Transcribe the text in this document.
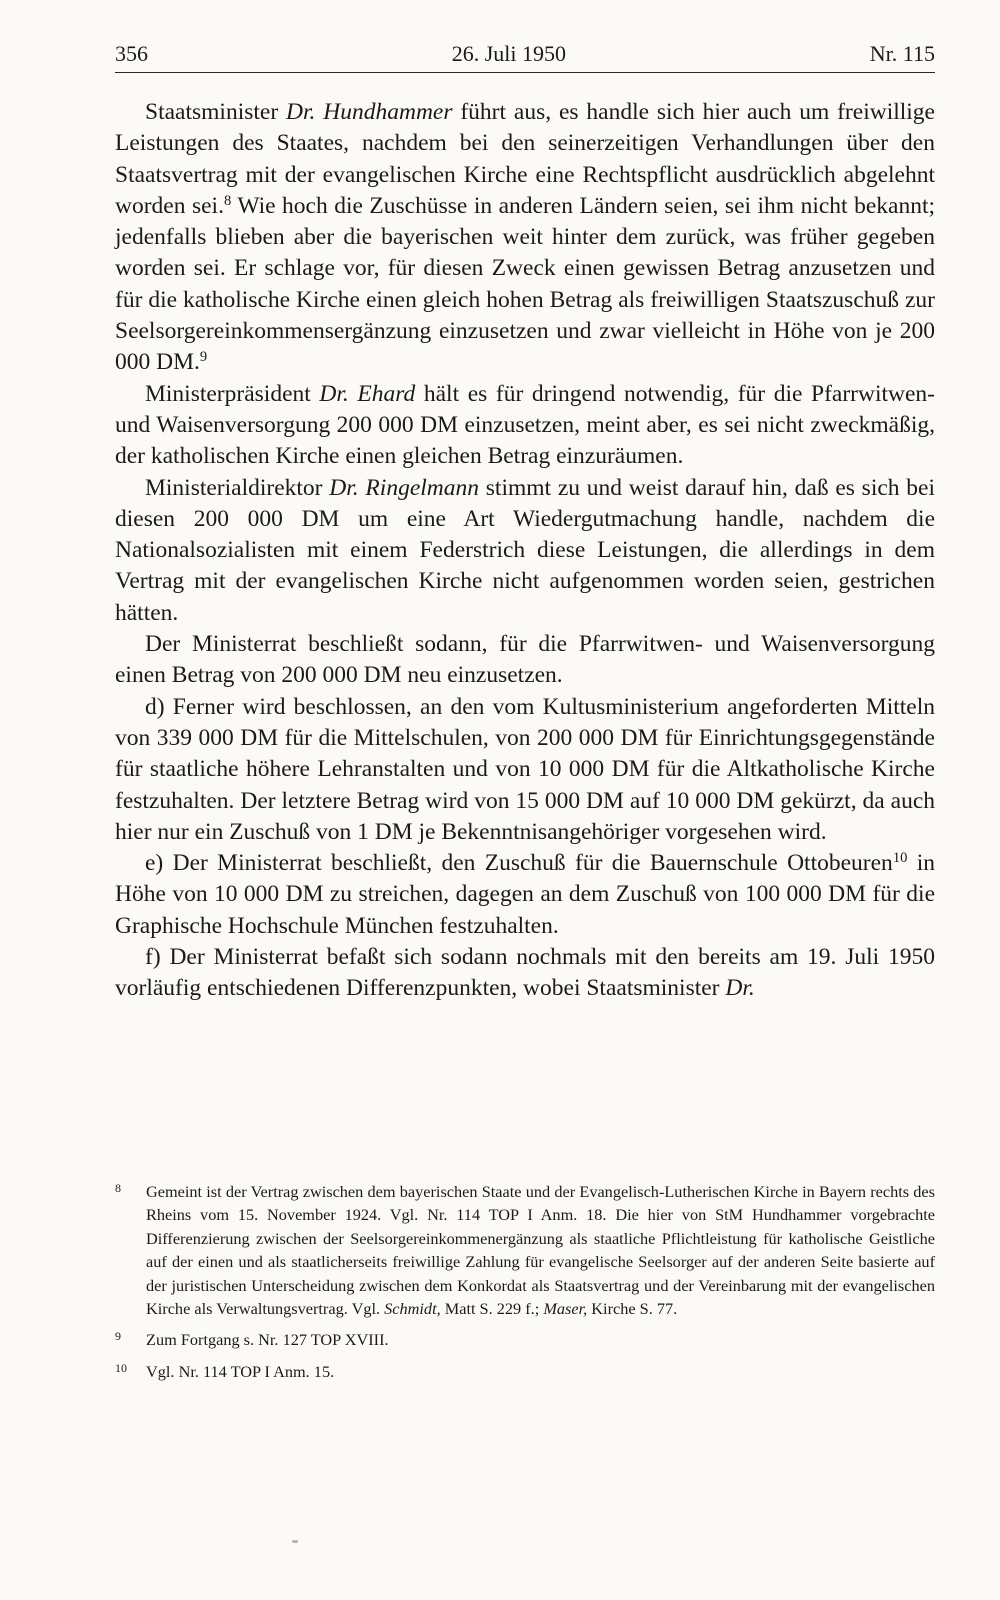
356	26. Juli 1950	Nr. 115

Staatsminister Dr. Hundhammer führt aus, es handle sich hier auch um freiwillige Leistungen des Staates, nachdem bei den seinerzeitigen Verhandlungen über den Staatsvertrag mit der evangelischen Kirche eine Rechtspflicht ausdrücklich abgelehnt worden sei.$^8$ Wie hoch die Zuschüsse in anderen Ländern seien, sei ihm nicht bekannt; jedenfalls blieben aber die bayerischen weit hinter dem zurück, was früher gegeben worden sei. Er schlage vor, für diesen Zweck einen gewissen Betrag anzusetzen und für die katholische Kirche einen gleich hohen Betrag als freiwilligen Staatszuschuß zur Seelsorgereinkommensergänzung einzusetzen und zwar vielleicht in Höhe von je 200 000 DM.$^9$

Ministerpräsident Dr. Ehard hält es für dringend notwendig, für die Pfarrwitwen- und Waisenversorgung 200 000 DM einzusetzen, meint aber, es sei nicht zweckmäßig, der katholischen Kirche einen gleichen Betrag einzuräumen.

Ministerialdirektor Dr. Ringelmann stimmt zu und weist darauf hin, daß es sich bei diesen 200 000 DM um eine Art Wiedergutmachung handle, nachdem die Nationalsozialisten mit einem Federstrich diese Leistungen, die allerdings in dem Vertrag mit der evangelischen Kirche nicht aufgenommen worden seien, gestrichen hätten.

Der Ministerrat beschließt sodann, für die Pfarrwitwen- und Waisenversorgung einen Betrag von 200 000 DM neu einzusetzen.

d) Ferner wird beschlossen, an den vom Kultusministerium angeforderten Mitteln von 339 000 DM für die Mittelschulen, von 200 000 DM für Einrichtungsgegenstände für staatliche höhere Lehranstalten und von 10 000 DM für die Altkatholische Kirche festzuhalten. Der letztere Betrag wird von 15 000 DM auf 10 000 DM gekürzt, da auch hier nur ein Zuschuß von 1 DM je Bekenntnisangehöriger vorgesehen wird.

e) Der Ministerrat beschließt, den Zuschuß für die Bauernschule Ottobeuren$^{10}$ in Höhe von 10 000 DM zu streichen, dagegen an dem Zuschuß von 100 000 DM für die Graphische Hochschule München festzuhalten.

f) Der Ministerrat befaßt sich sodann nochmals mit den bereits am 19. Juli 1950 vorläufig entschiedenen Differenzpunkten, wobei Staatsminister Dr.

8 Gemeint ist der Vertrag zwischen dem bayerischen Staate und der Evangelisch-Lutherischen Kirche in Bayern rechts des Rheins vom 15. November 1924. Vgl. Nr. 114 TOP I Anm. 18. Die hier von StM Hundhammer vorgebrachte Differenzierung zwischen der Seelsorgereinkommenergänzung als staatliche Pflichtleistung für katholische Geistliche auf der einen und als staatlicherseits freiwillige Zahlung für evangelische Seelsorger auf der anderen Seite basierte auf der juristischen Unterscheidung zwischen dem Konkordat als Staatsvertrag und der Vereinbarung mit der evangelischen Kirche als Verwaltungsvertrag. Vgl. Schmidt, Matt S. 229 f.; Maser, Kirche S. 77.
9 Zum Fortgang s. Nr. 127 TOP XVIII.
10 Vgl. Nr. 114 TOP I Anm. 15.
